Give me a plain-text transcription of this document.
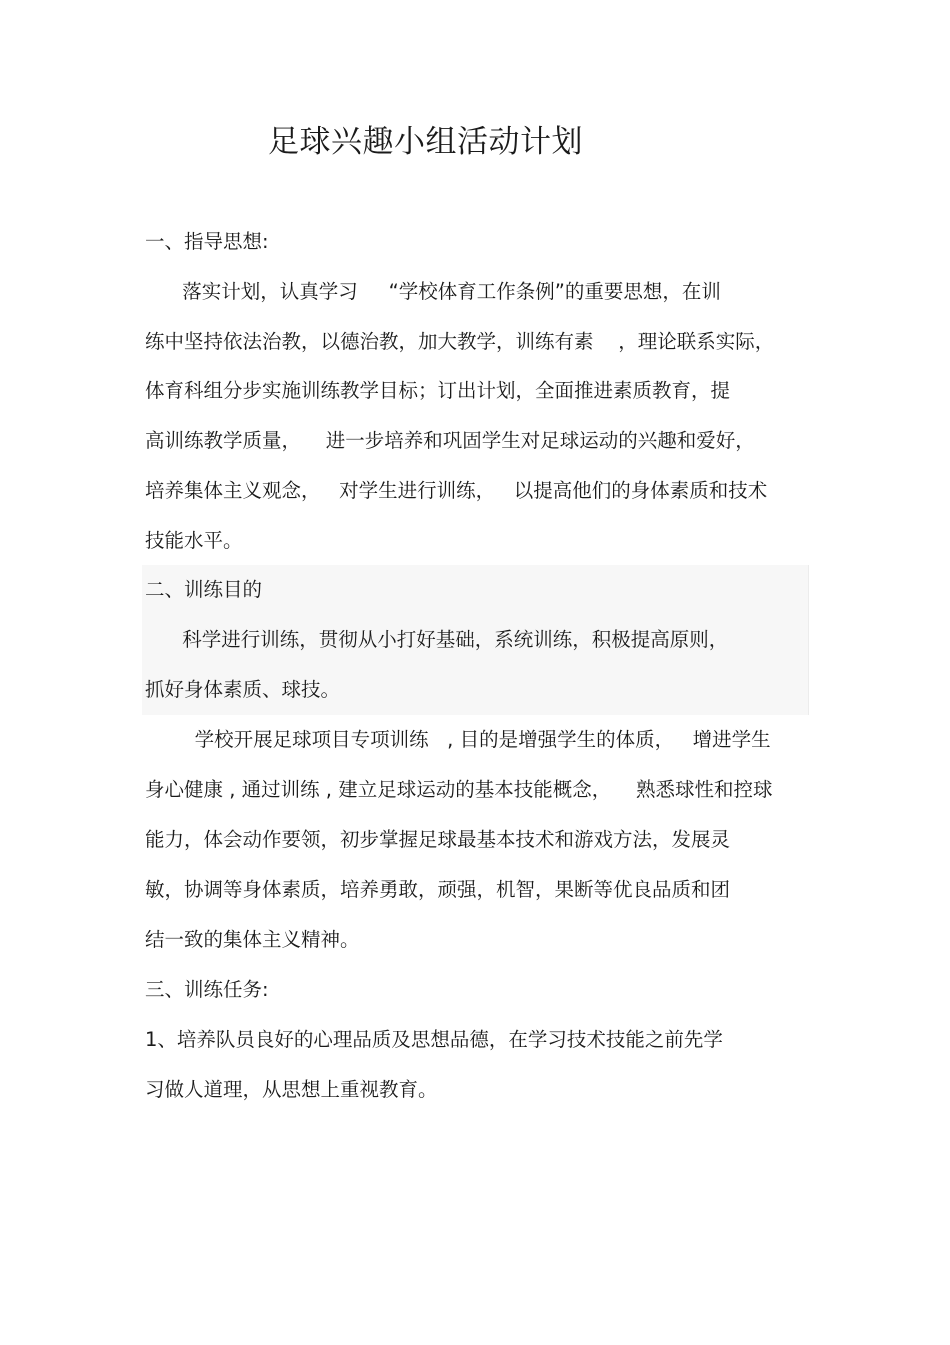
足球兴趣小组活动计划
一、指导思想:
落实计划，认真学习     “学校体育工作条例”的重要思想，在训
练中坚持依法治教，以德治教，加大教学，训练有素    ，理论联系实际，
体育科组分步实施训练教学目标；订出计划，全面推进素质教育，提
高训练教学质量，    进一步培养和巩固学生对足球运动的兴趣和爱好，
培养集体主义观念，   对学生进行训练，   以提高他们的身体素质和技术
技能水平。
二、训练目的
科学进行训练，贯彻从小打好基础，系统训练，积极提高原则，
抓好身体素质、球技。
学校开展足球项目专项训练   , 目的是增强学生的体质，   增进学生
身心健康 , 通过训练 , 建立足球运动的基本技能概念，    熟悉球性和控球
能力，体会动作要领，初步掌握足球最基本技术和游戏方法，发展灵
敏，协调等身体素质，培养勇敢，顽强，机智，果断等优良品质和团
结一致的集体主义精神。
三、训练任务:
1、培养队员良好的心理品质及思想品德，在学习技术技能之前先学
习做人道理，从思想上重视教育。
